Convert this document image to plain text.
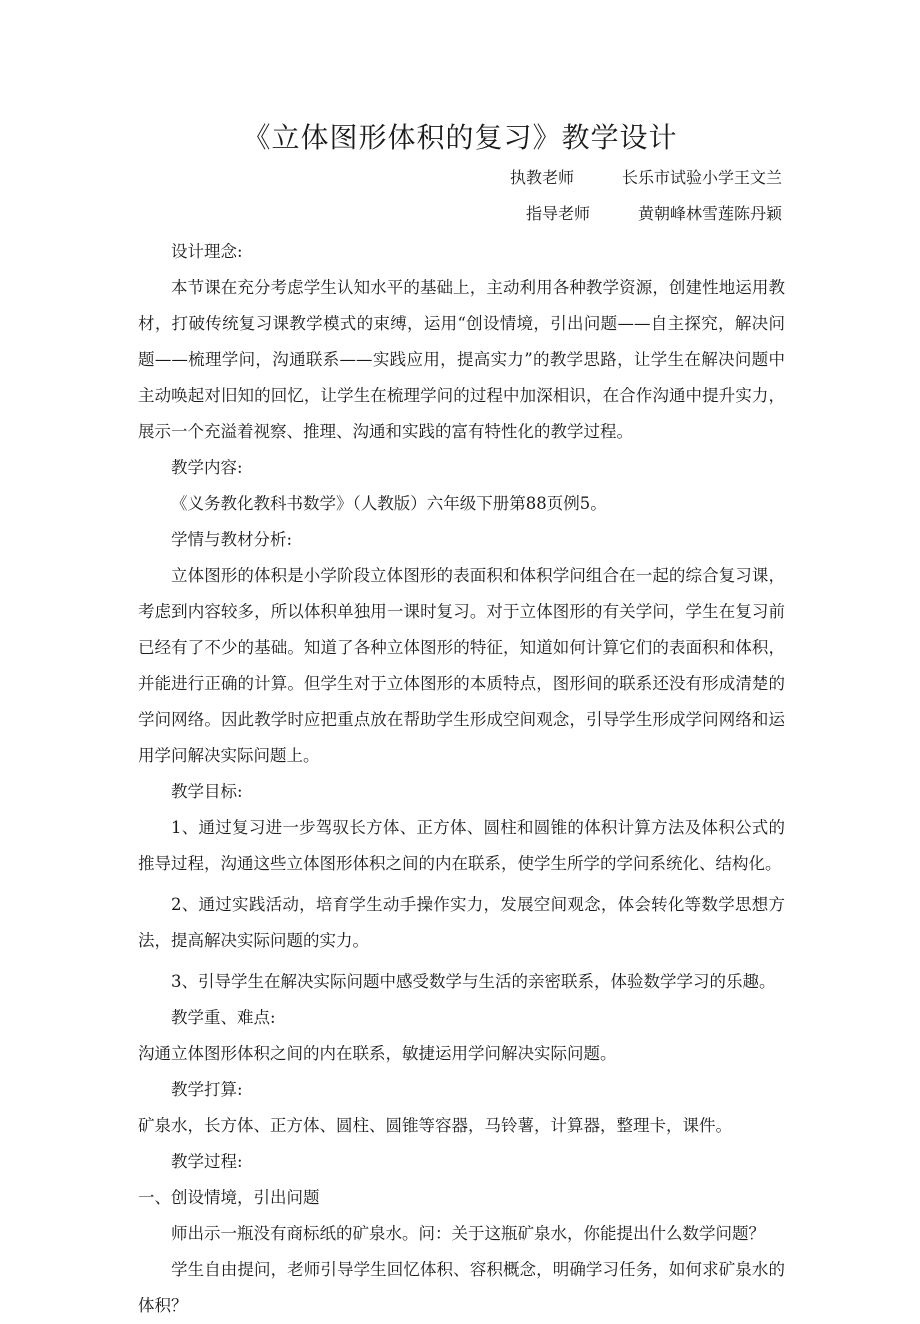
《立体图形体积的复习》教学设计
执教老师	长乐市试验小学王文兰
指导老师	黄朝峰林雪莲陈丹颖

设计理念:

本节课在充分考虑学生认知水平的基础上，主动利用各种教学资源，创建性地运用教材，打破传统复习课教学模式的束缚，运用“创设情境，引出问题——自主探究，解决问题——梳理学问，沟通联系——实践应用，提高实力”的教学思路，让学生在解决问题中主动唤起对旧知的回忆，让学生在梳理学问的过程中加深相识，在合作沟通中提升实力，展示一个充溢着视察、推理、沟通和实践的富有特性化的教学过程。

教学内容:

《义务教化教科书数学》（人教版）六年级下册第88页例5。

学情与教材分析:

立体图形的体积是小学阶段立体图形的表面积和体积学问组合在一起的综合复习课，考虑到内容较多，所以体积单独用一课时复习。对于立体图形的有关学问，学生在复习前已经有了不少的基础。知道了各种立体图形的特征，知道如何计算它们的表面积和体积，并能进行正确的计算。但学生对于立体图形的本质特点，图形间的联系还没有形成清楚的学问网络。因此教学时应把重点放在帮助学生形成空间观念，引导学生形成学问网络和运用学问解决实际问题上。

教学目标:

1、通过复习进一步驾驭长方体、正方体、圆柱和圆锥的体积计算方法及体积公式的推导过程，沟通这些立体图形体积之间的内在联系，使学生所学的学问系统化、结构化。

2、通过实践活动，培育学生动手操作实力，发展空间观念，体会转化等数学思想方法，提高解决实际问题的实力。

3、引导学生在解决实际问题中感受数学与生活的亲密联系，体验数学学习的乐趣。

教学重、难点:

沟通立体图形体积之间的内在联系，敏捷运用学问解决实际问题。

教学打算:

矿泉水，长方体、正方体、圆柱、圆锥等容器，马铃薯，计算器，整理卡，课件。

教学过程:

一、创设情境，引出问题

师出示一瓶没有商标纸的矿泉水。问：关于这瓶矿泉水，你能提出什么数学问题？

学生自由提问，老师引导学生回忆体积、容积概念，明确学习任务，如何求矿泉水的体积？
